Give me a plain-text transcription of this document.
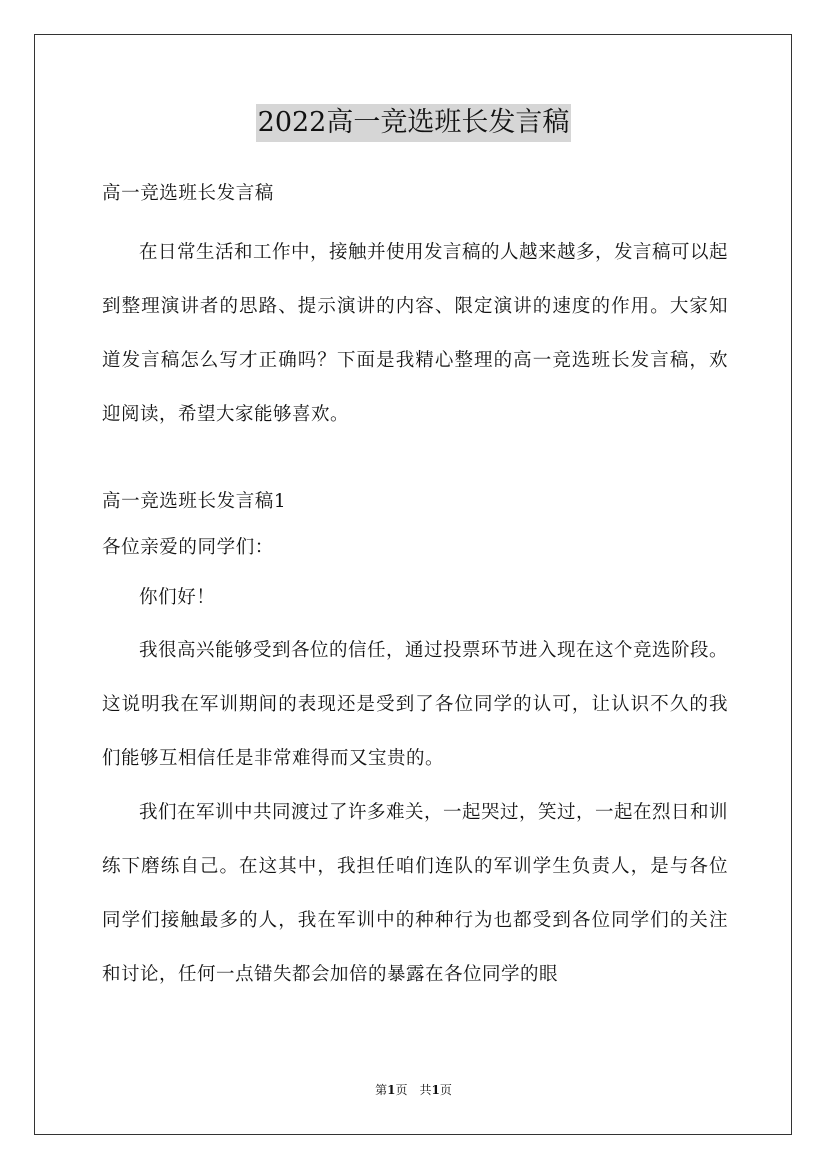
2022高一竞选班长发言稿
高一竞选班长发言稿

在日常生活和工作中，接触并使用发言稿的人越来越多，发言稿可以起到整理演讲者的思路、提示演讲的内容、限定演讲的速度的作用。大家知道发言稿怎么写才正确吗？下面是我精心整理的高一竞选班长发言稿，欢迎阅读，希望大家能够喜欢。

高一竞选班长发言稿1
各位亲爱的同学们：
你们好！

我很高兴能够受到各位的信任，通过投票环节进入现在这个竞选阶段。这说明我在军训期间的表现还是受到了各位同学的认可，让认识不久的我们能够互相信任是非常难得而又宝贵的。

我们在军训中共同渡过了许多难关，一起哭过，笑过，一起在烈日和训练下磨练自己。在这其中，我担任咱们连队的军训学生负责人，是与各位同学们接触最多的人，我在军训中的种种行为也都受到各位同学们的关注和讨论，任何一点错失都会加倍的暴露在各位同学的眼

第1页　共1页
